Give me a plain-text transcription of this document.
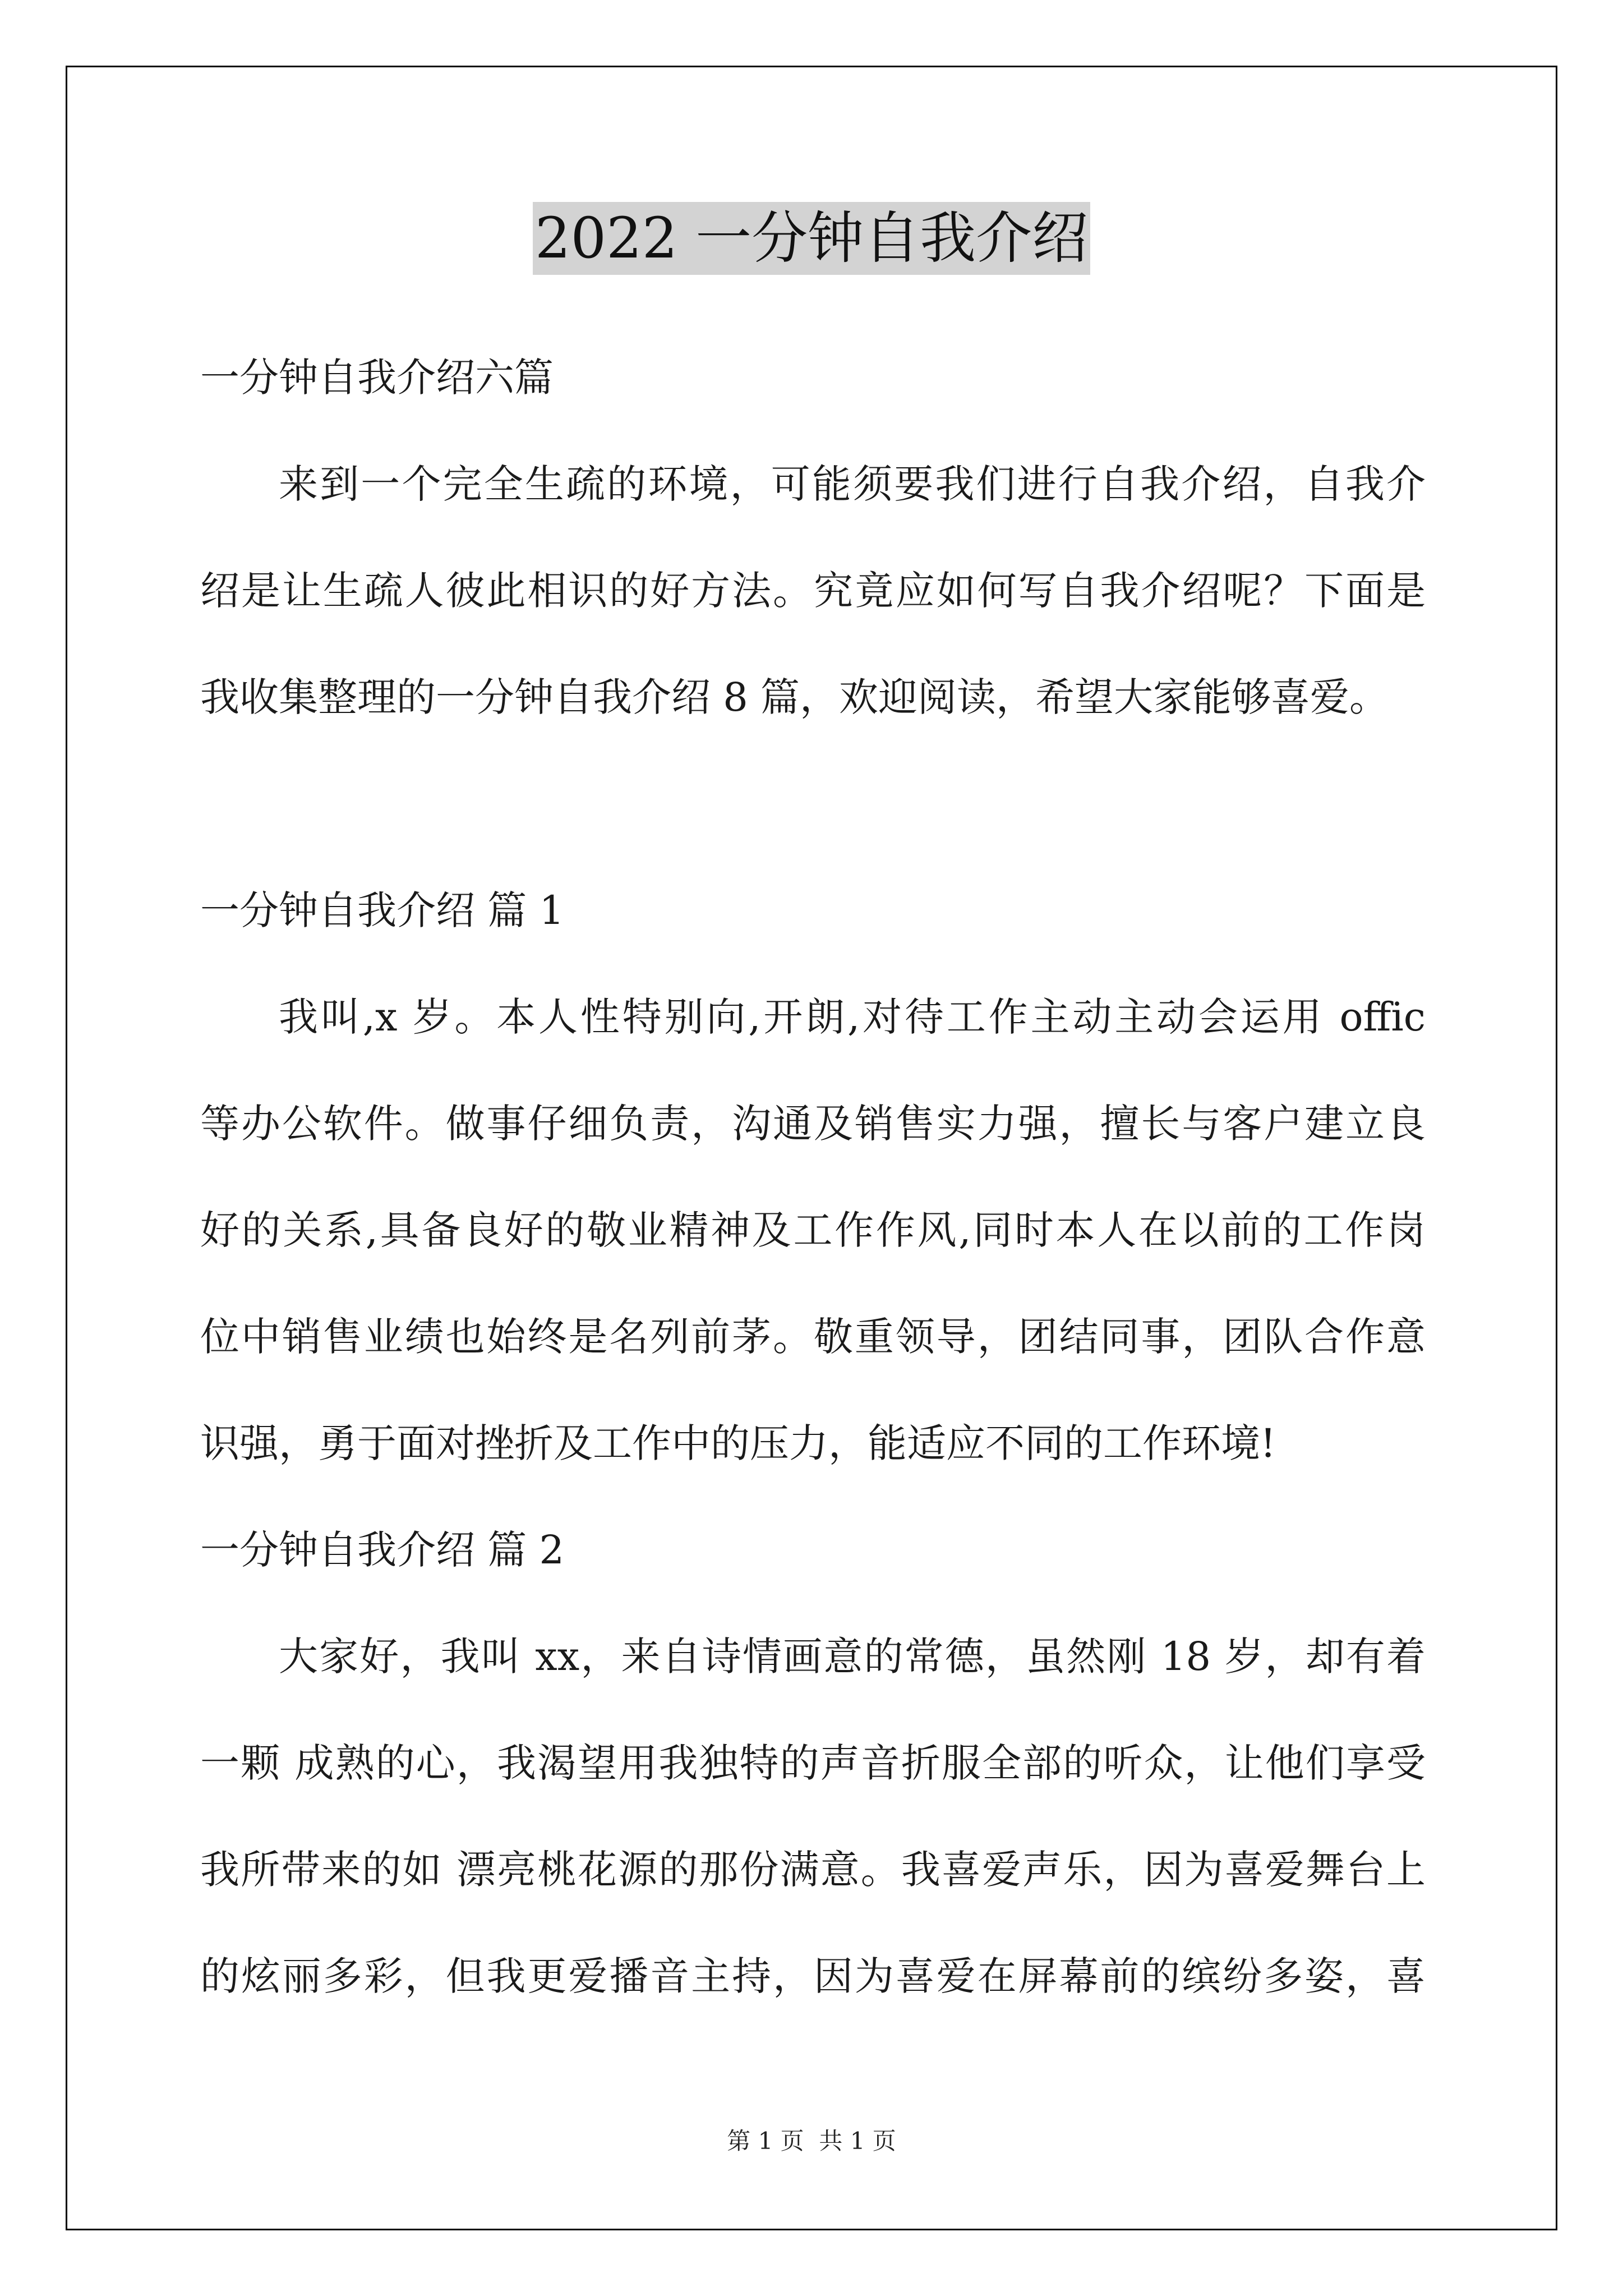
2022 一分钟自我介绍
一分钟自我介绍六篇
来到一个完全生疏的环境，可能须要我们进行自我介绍，自我介
绍是让生疏人彼此相识的好方法。究竟应如何写自我介绍呢？下面是
我收集整理的一分钟自我介绍 8 篇，欢迎阅读，希望大家能够喜爱。
一分钟自我介绍 篇 1
我叫,x 岁。本人性特别向,开朗,对待工作主动主动会运用 offic
等办公软件。做事仔细负责，沟通及销售实力强，擅长与客户建立良
好的关系,具备良好的敬业精神及工作作风,同时本人在以前的工作岗
位中销售业绩也始终是名列前茅。敬重领导，团结同事，团队合作意
识强，勇于面对挫折及工作中的压力，能适应不同的工作环境!
一分钟自我介绍 篇 2
大家好，我叫 xx，来自诗情画意的常德，虽然刚 18 岁，却有着
一颗 成熟的心，我渴望用我独特的声音折服全部的听众，让他们享受
我所带来的如 漂亮桃花源的那份满意。我喜爱声乐，因为喜爱舞台上
的炫丽多彩，但我更爱播音主持，因为喜爱在屏幕前的缤纷多姿，喜
第 1 页  共 1 页
